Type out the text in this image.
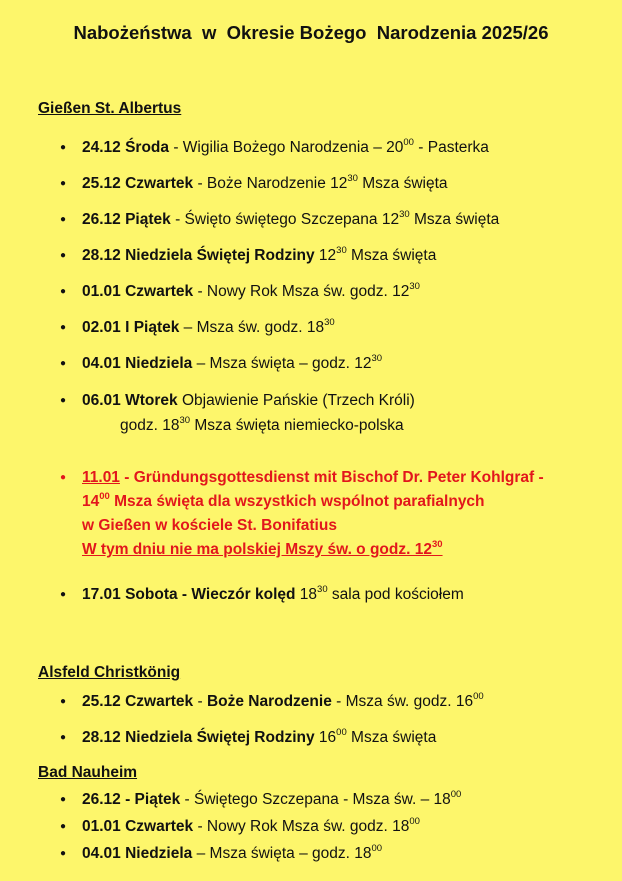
Nabożeństwa  w  Okresie Bożego  Narodzenia 2025/26
Gießen St. Albertus
● 24.12 Środa - Wigilia Bożego Narodzenia – $20^{00}$ - Pasterka
● 25.12 Czwartek - Boże Narodzenie $12^{30}$ Msza święta
● 26.12 Piątek - Święto świętego Szczepana $12^{30}$ Msza święta
● 28.12 Niedziela Świętej Rodziny $12^{30}$ Msza święta
● 01.01 Czwartek - Nowy Rok Msza św. godz. $12^{30}$
● 02.01 I Piątek – Msza św. godz. $18^{30}$
● 04.01 Niedziela – Msza święta – godz. $12^{30}$
● 06.01 Wtorek Objawienie Pańskie (Trzech Króli)
godz. $18^{30}$ Msza święta niemiecko-polska
● 11.01 - Gründungsgottesdienst mit Bischof Dr. Peter Kohlgraf -
$14^{00}$ Msza święta dla wszystkich wspólnot parafialnych
w Gießen w kościele St. Bonifatius
W tym dniu nie ma polskiej Mszy św. o godz. $12^{30}$
● 17.01 Sobota - Wieczór kolęd $18^{30}$ sala pod kościołem
Alsfeld Christkönig
● 25.12 Czwartek - Boże Narodzenie - Msza św. godz. $16^{00}$
● 28.12 Niedziela Świętej Rodziny $16^{00}$ Msza święta
Bad Nauheim
● 26.12 - Piątek - Świętego Szczepana - Msza św. – $18^{00}$
● 01.01 Czwartek - Nowy Rok Msza św. godz. $18^{00}$
● 04.01 Niedziela – Msza święta – godz. $18^{00}$
